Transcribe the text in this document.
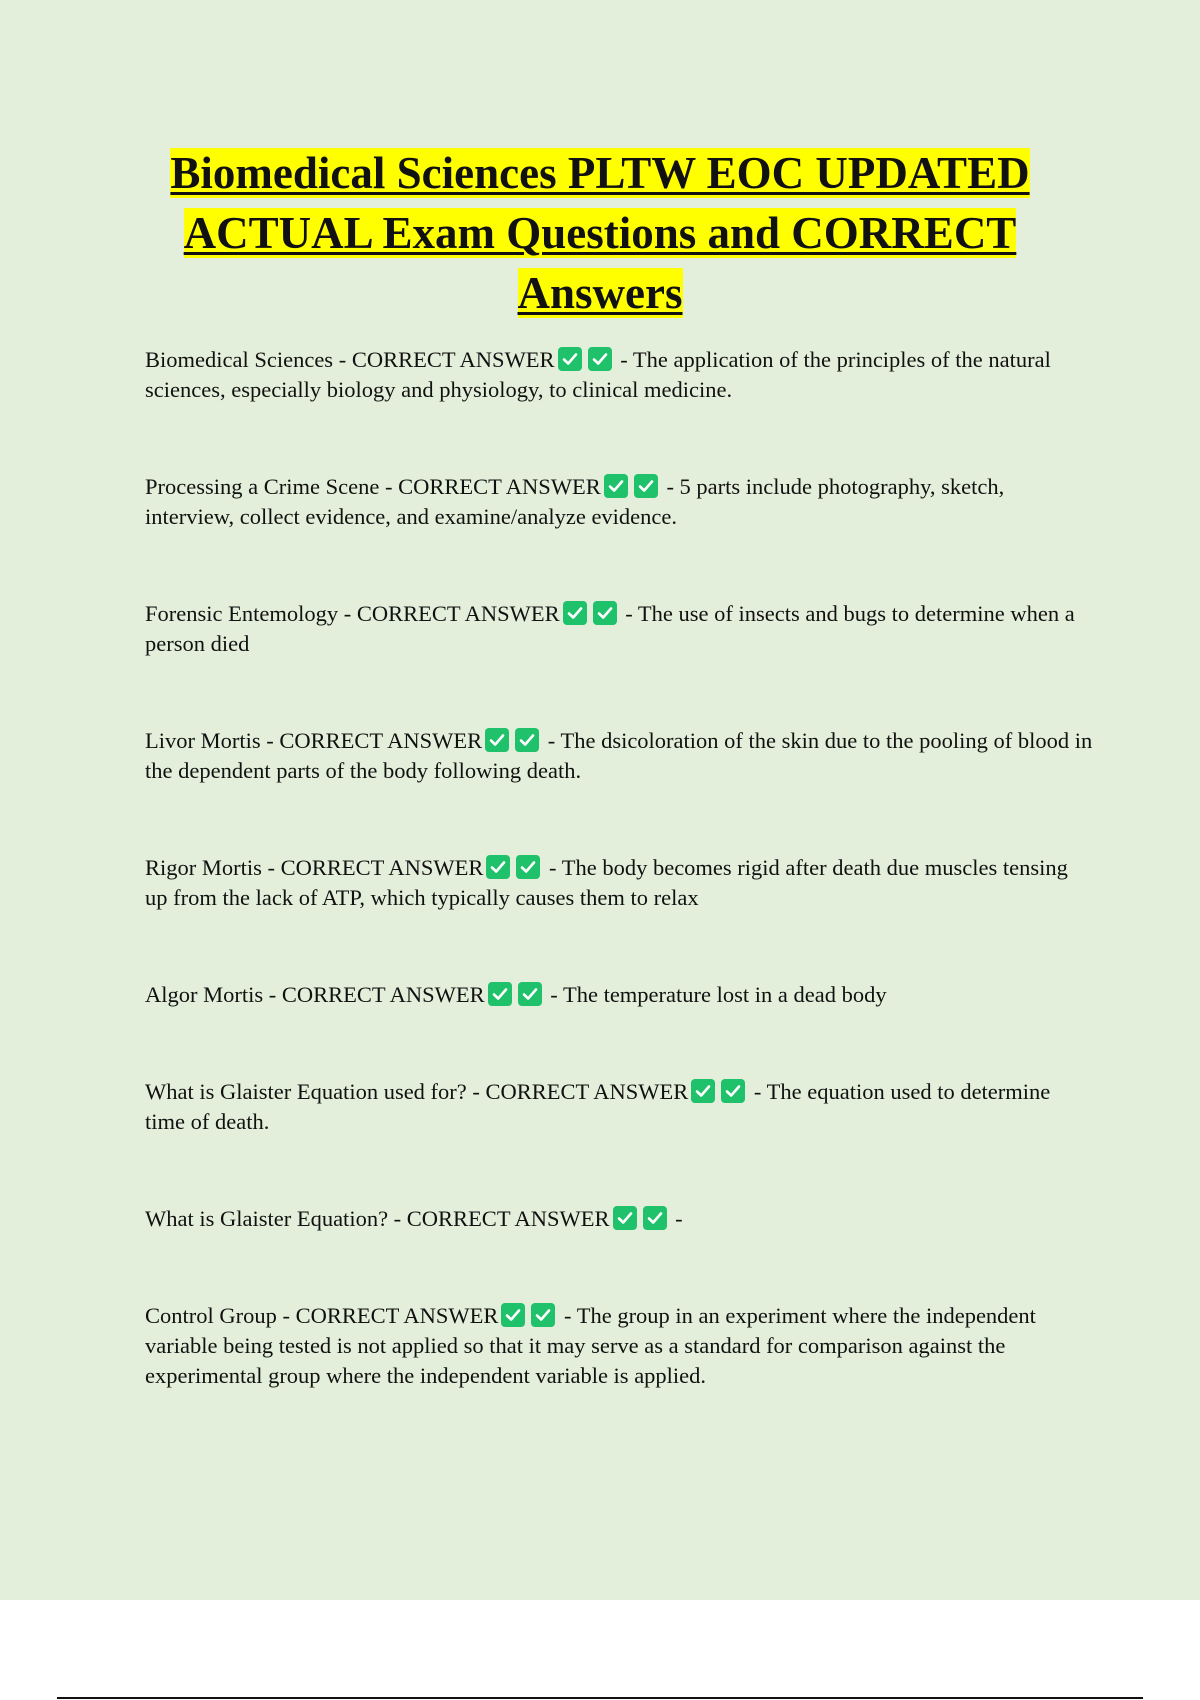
Biomedical Sciences PLTW EOC UPDATED ACTUAL Exam Questions and CORRECT Answers

Biomedical Sciences - CORRECT ANSWER	- The application of the principles of the natural sciences, especially biology and physiology, to clinical medicine.

Processing a Crime Scene - CORRECT ANSWER	- 5 parts include photography, sketch, interview, collect evidence, and examine/analyze evidence.

Forensic Entemology - CORRECT ANSWER	- The use of insects and bugs to determine when a person died

Livor Mortis - CORRECT ANSWER	- The dsicoloration of the skin due to the pooling of blood in the dependent parts of the body following death.

Rigor Mortis - CORRECT ANSWER	- The body becomes rigid after death due muscles tensing up from the lack of ATP, which typically causes them to relax

Algor Mortis - CORRECT ANSWER	- The temperature lost in a dead body

What is Glaister Equation used for? - CORRECT ANSWER	- The equation used to determine time of death.

What is Glaister Equation? - CORRECT ANSWER	-

Control Group - CORRECT ANSWER	- The group in an experiment where the independent variable being tested is not applied so that it may serve as a standard for comparison against the experimental group where the independent variable is applied.
